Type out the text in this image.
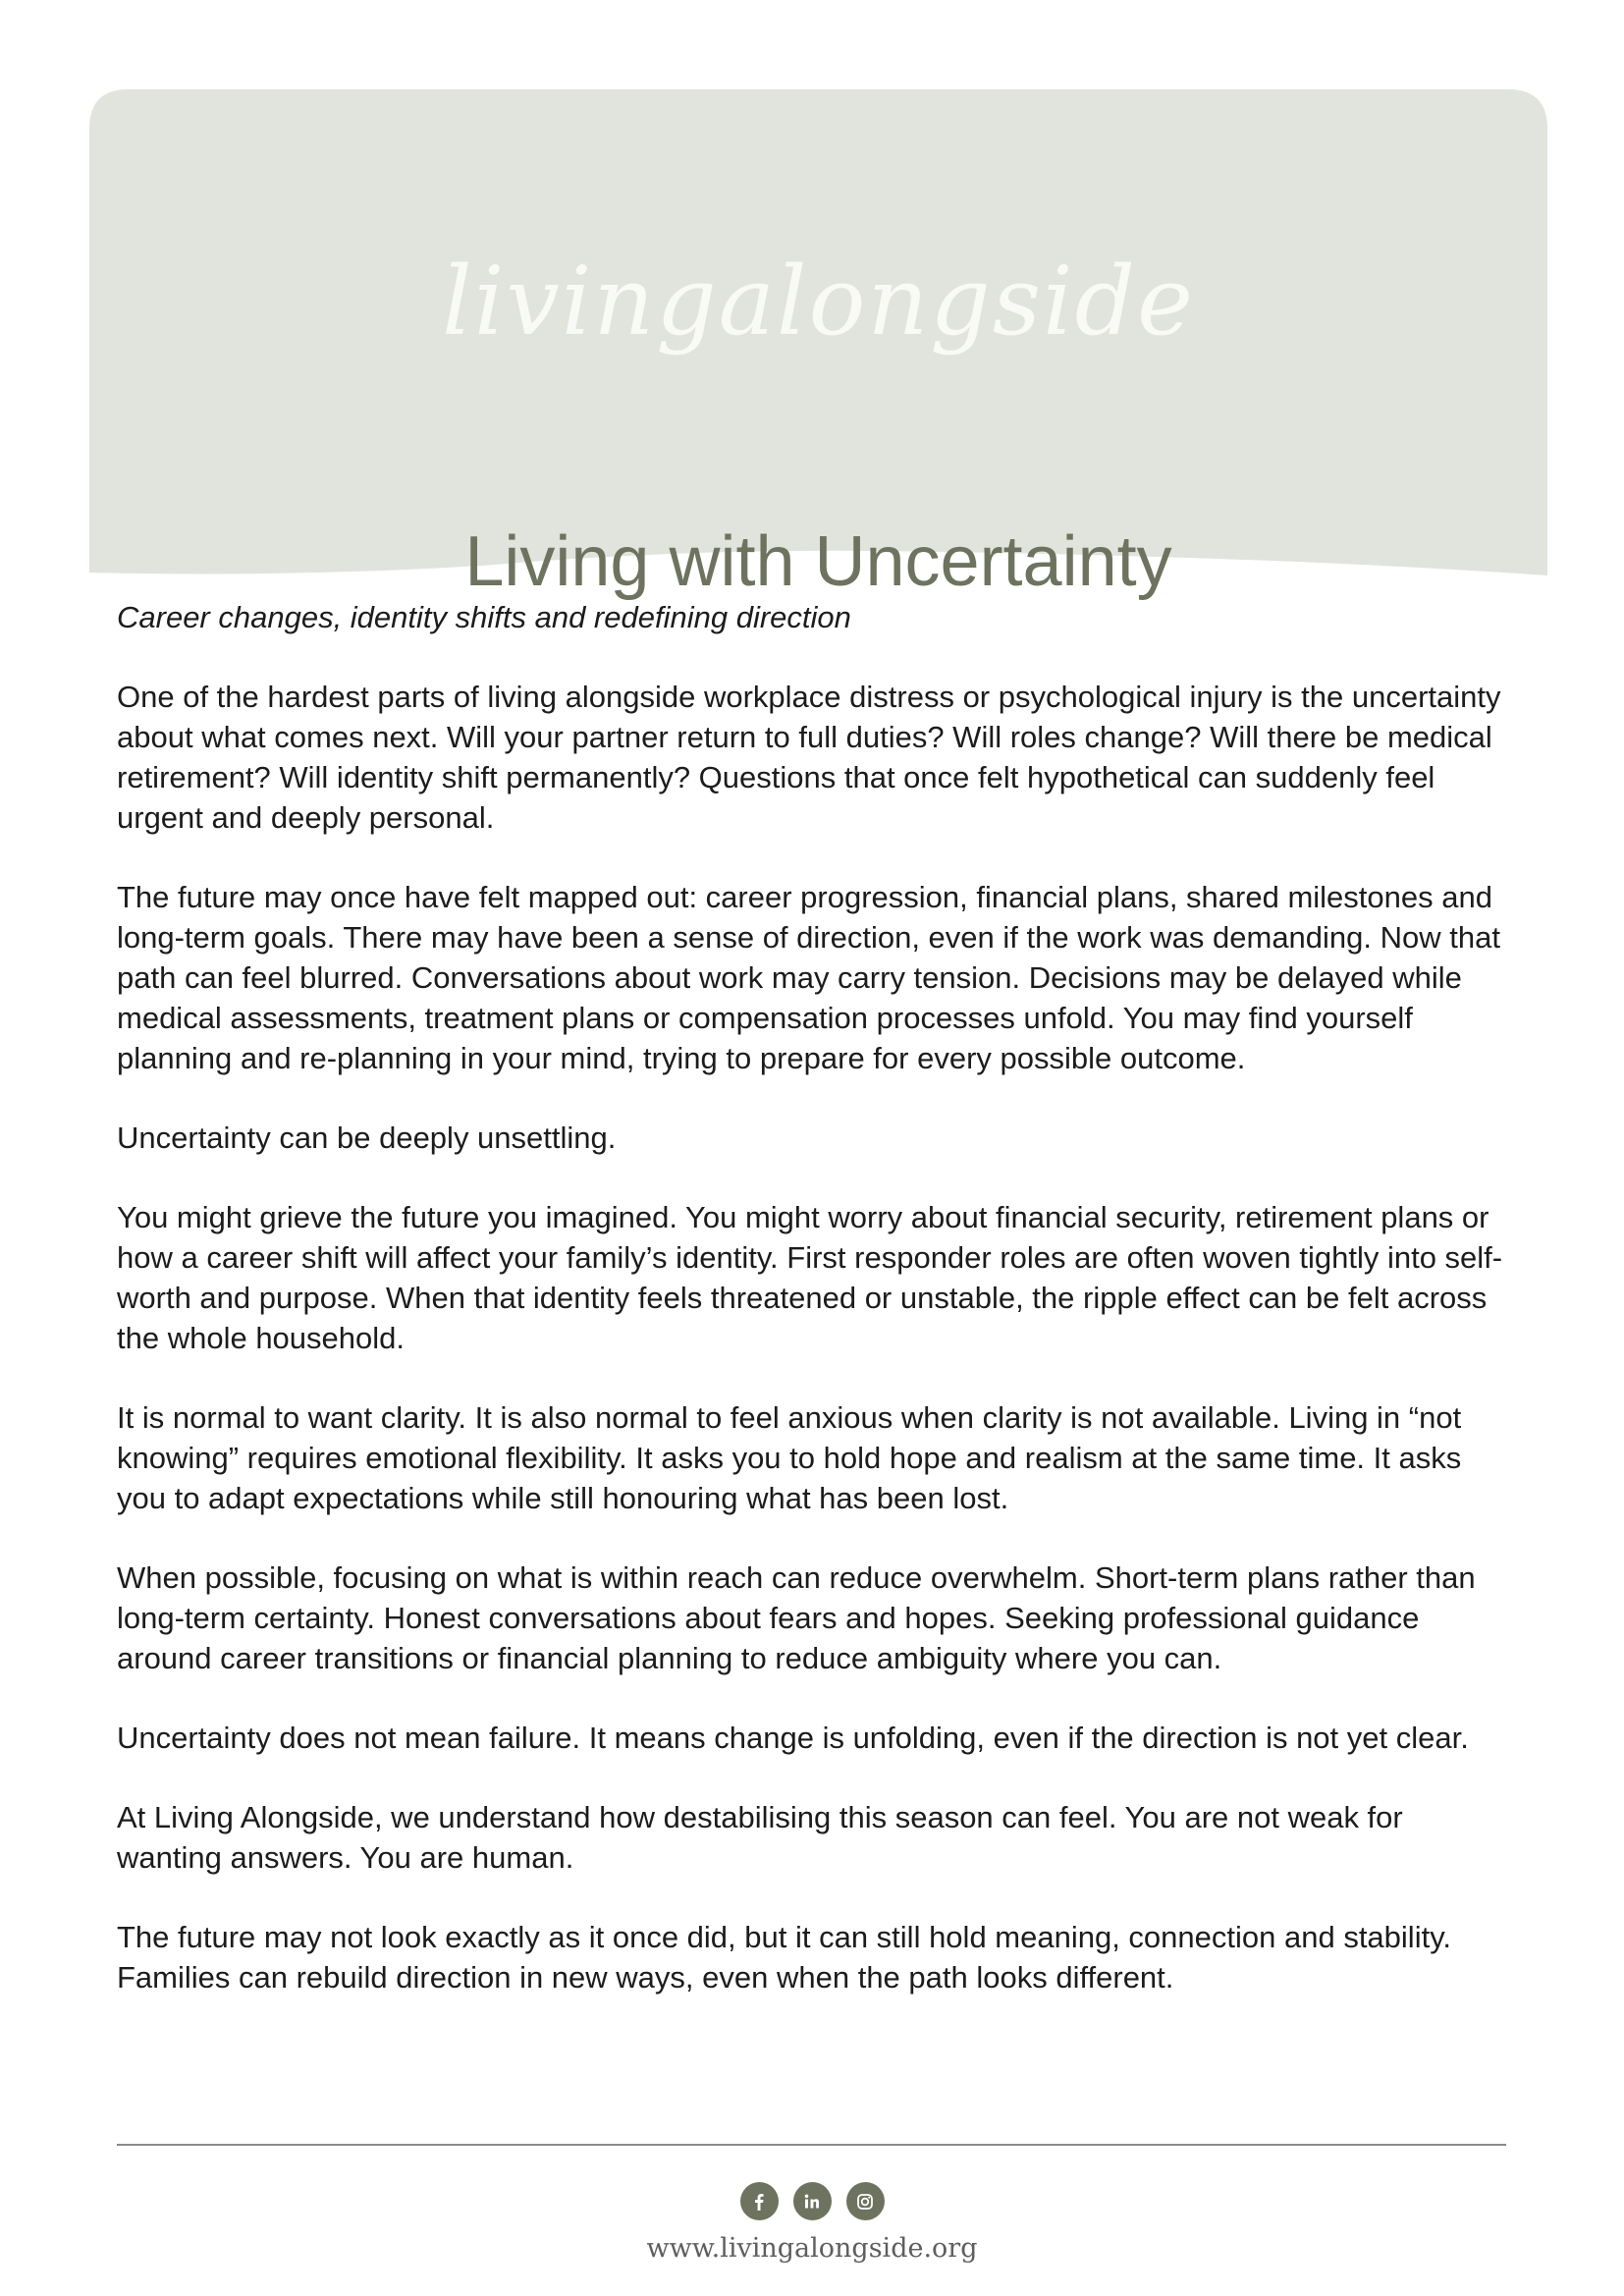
livingalongside
Living with Uncertainty

Career changes, identity shifts and redefining direction

One of the hardest parts of living alongside workplace distress or psychological injury is the uncertainty about what comes next. Will your partner return to full duties? Will roles change? Will there be medical retirement? Will identity shift permanently? Questions that once felt hypothetical can suddenly feel urgent and deeply personal.

The future may once have felt mapped out: career progression, financial plans, shared milestones and long-term goals. There may have been a sense of direction, even if the work was demanding. Now that path can feel blurred. Conversations about work may carry tension. Decisions may be delayed while medical assessments, treatment plans or compensation processes unfold. You may find yourself planning and re-planning in your mind, trying to prepare for every possible outcome.

Uncertainty can be deeply unsettling.

You might grieve the future you imagined. You might worry about financial security, retirement plans or how a career shift will affect your family’s identity. First responder roles are often woven tightly into self-worth and purpose. When that identity feels threatened or unstable, the ripple effect can be felt across the whole household.

It is normal to want clarity. It is also normal to feel anxious when clarity is not available. Living in “not knowing” requires emotional flexibility. It asks you to hold hope and realism at the same time. It asks you to adapt expectations while still honouring what has been lost.

When possible, focusing on what is within reach can reduce overwhelm. Short-term plans rather than long-term certainty. Honest conversations about fears and hopes. Seeking professional guidance around career transitions or financial planning to reduce ambiguity where you can.

Uncertainty does not mean failure. It means change is unfolding, even if the direction is not yet clear.

At Living Alongside, we understand how destabilising this season can feel. You are not weak for wanting answers. You are human.

The future may not look exactly as it once did, but it can still hold meaning, connection and stability. Families can rebuild direction in new ways, even when the path looks different.

www.livingalongside.org
